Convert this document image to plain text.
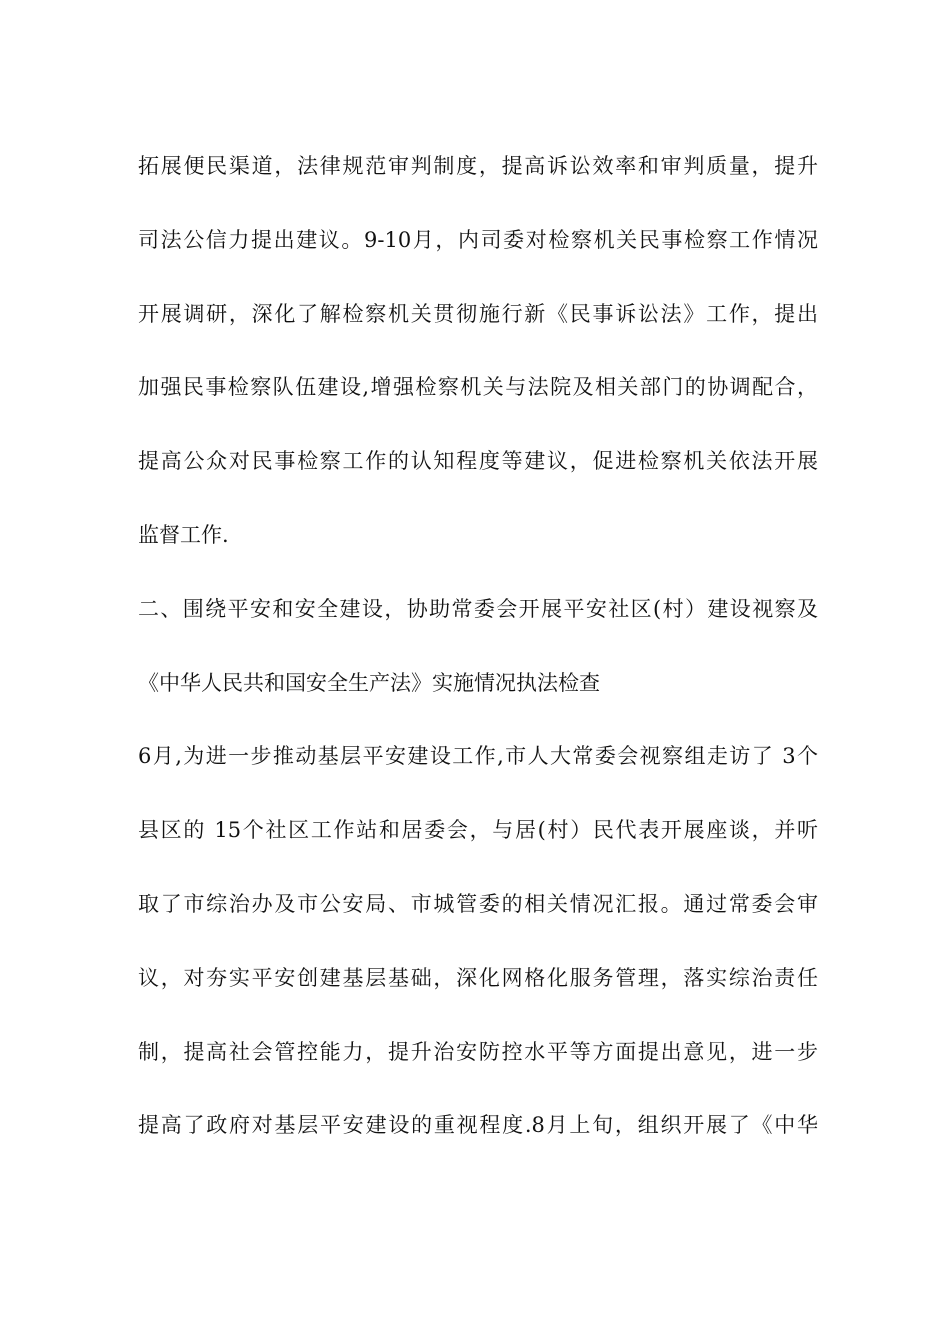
拓展便民渠道，法律规范审判制度，提高诉讼效率和审判质量，提升
司法公信力提出建议。9-10月，内司委对检察机关民事检察工作情况
开展调研，深化了解检察机关贯彻施行新《民事诉讼法》工作，提出
加强民事检察队伍建设,增强检察机关与法院及相关部门的协调配合，
提高公众对民事检察工作的认知程度等建议，促进检察机关依法开展
监督工作.
二、围绕平安和安全建设，协助常委会开展平安社区(村）建设视察及
《中华人民共和国安全生产法》实施情况执法检查
6月,为进一步推动基层平安建设工作,市人大常委会视察组走访了 3个
县区的 15个社区工作站和居委会，与居(村）民代表开展座谈，并听
取了市综治办及市公安局、市城管委的相关情况汇报。通过常委会审
议，对夯实平安创建基层基础，深化网格化服务管理，落实综治责任
制，提高社会管控能力，提升治安防控水平等方面提出意见，进一步
提高了政府对基层平安建设的重视程度.8月上旬，组织开展了《中华
